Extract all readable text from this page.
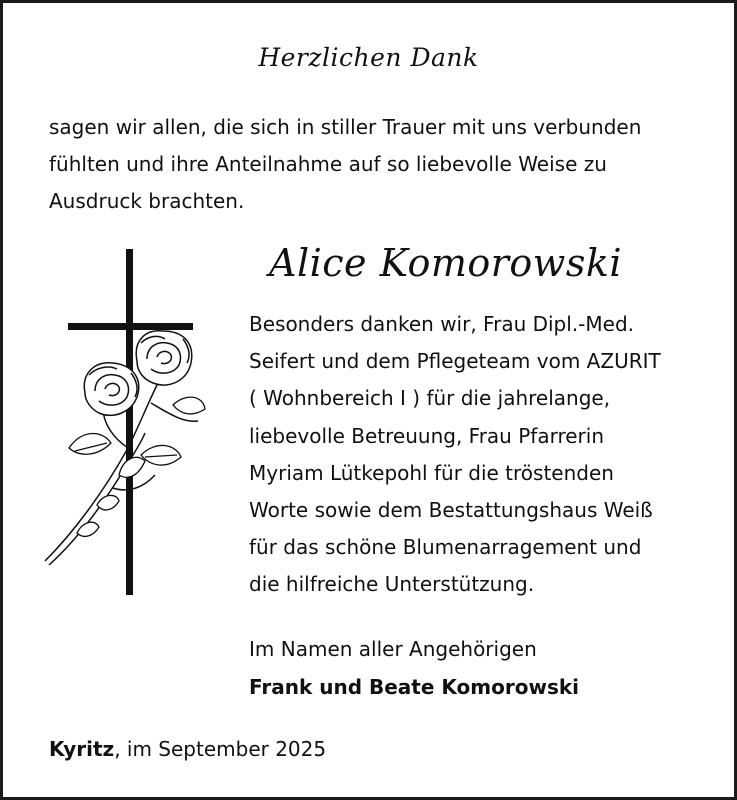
Herzlichen Dank
sagen wir allen, die sich in stiller Trauer mit uns verbunden
fühlten und ihre Anteilnahme auf so liebevolle Weise zu
Ausdruck brachten.
Alice Komorowski
Besonders danken wir, Frau Dipl.-Med.
Seifert und dem Pflegeteam vom AZURIT
( Wohnbereich I ) für die jahrelange,
liebevolle Betreuung, Frau Pfarrerin
Myriam Lütkepohl für die tröstenden
Worte sowie dem Bestattungshaus Weiß
für das schöne Blumenarragement und
die hilfreiche Unterstützung.
Im Namen aller Angehörigen
Frank und Beate Komorowski
Kyritz, im September 2025
